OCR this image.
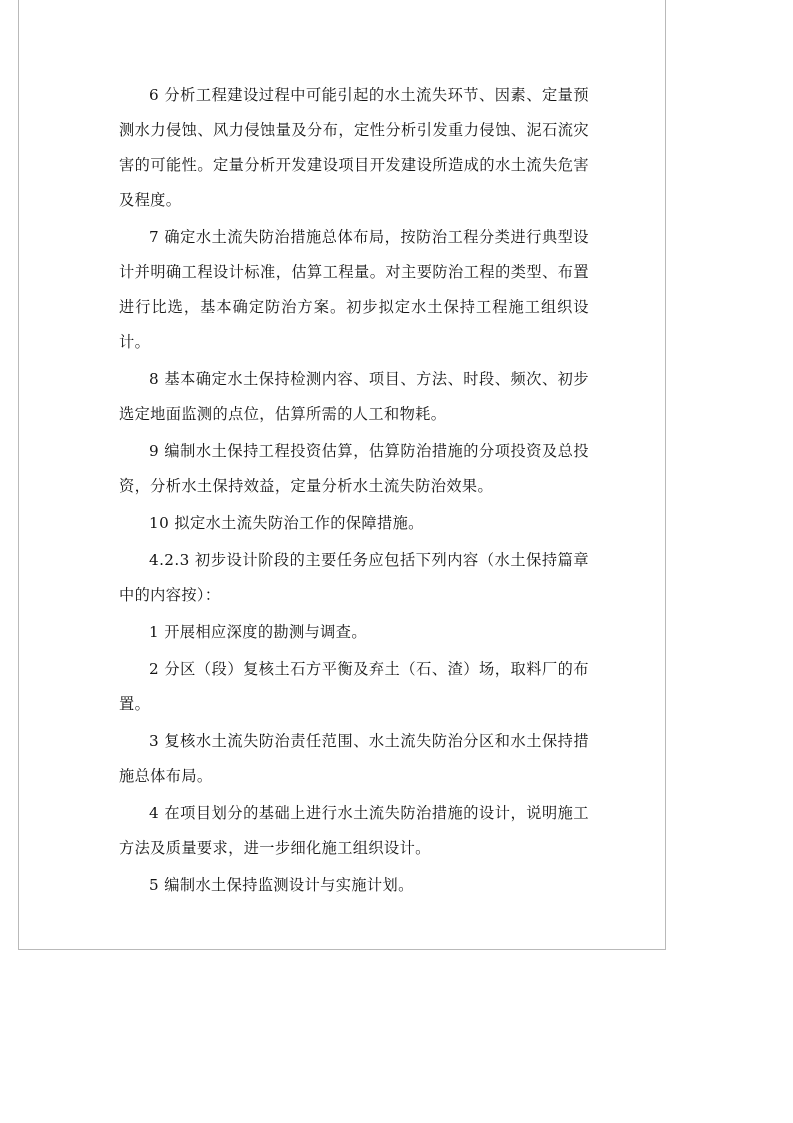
6 分析工程建设过程中可能引起的水土流失环节、因素、定量预测水力侵蚀、风力侵蚀量及分布，定性分析引发重力侵蚀、泥石流灾害的可能性。定量分析开发建设项目开发建设所造成的水土流失危害及程度。

7 确定水土流失防治措施总体布局，按防治工程分类进行典型设计并明确工程设计标准，估算工程量。对主要防治工程的类型、布置进行比选，基本确定防治方案。初步拟定水土保持工程施工组织设计。

8 基本确定水土保持检测内容、项目、方法、时段、频次、初步选定地面监测的点位，估算所需的人工和物耗。

9 编制水土保持工程投资估算，估算防治措施的分项投资及总投资，分析水土保持效益，定量分析水土流失防治效果。

10 拟定水土流失防治工作的保障措施。

4.2.3 初步设计阶段的主要任务应包括下列内容（水土保持篇章中的内容按）：

1 开展相应深度的勘测与调查。

2 分区（段）复核土石方平衡及弃土（石、渣）场，取料厂的布置。

3 复核水土流失防治责任范围、水土流失防治分区和水土保持措施总体布局。

4 在项目划分的基础上进行水土流失防治措施的设计，说明施工方法及质量要求，进一步细化施工组织设计。

5 编制水土保持监测设计与实施计划。
